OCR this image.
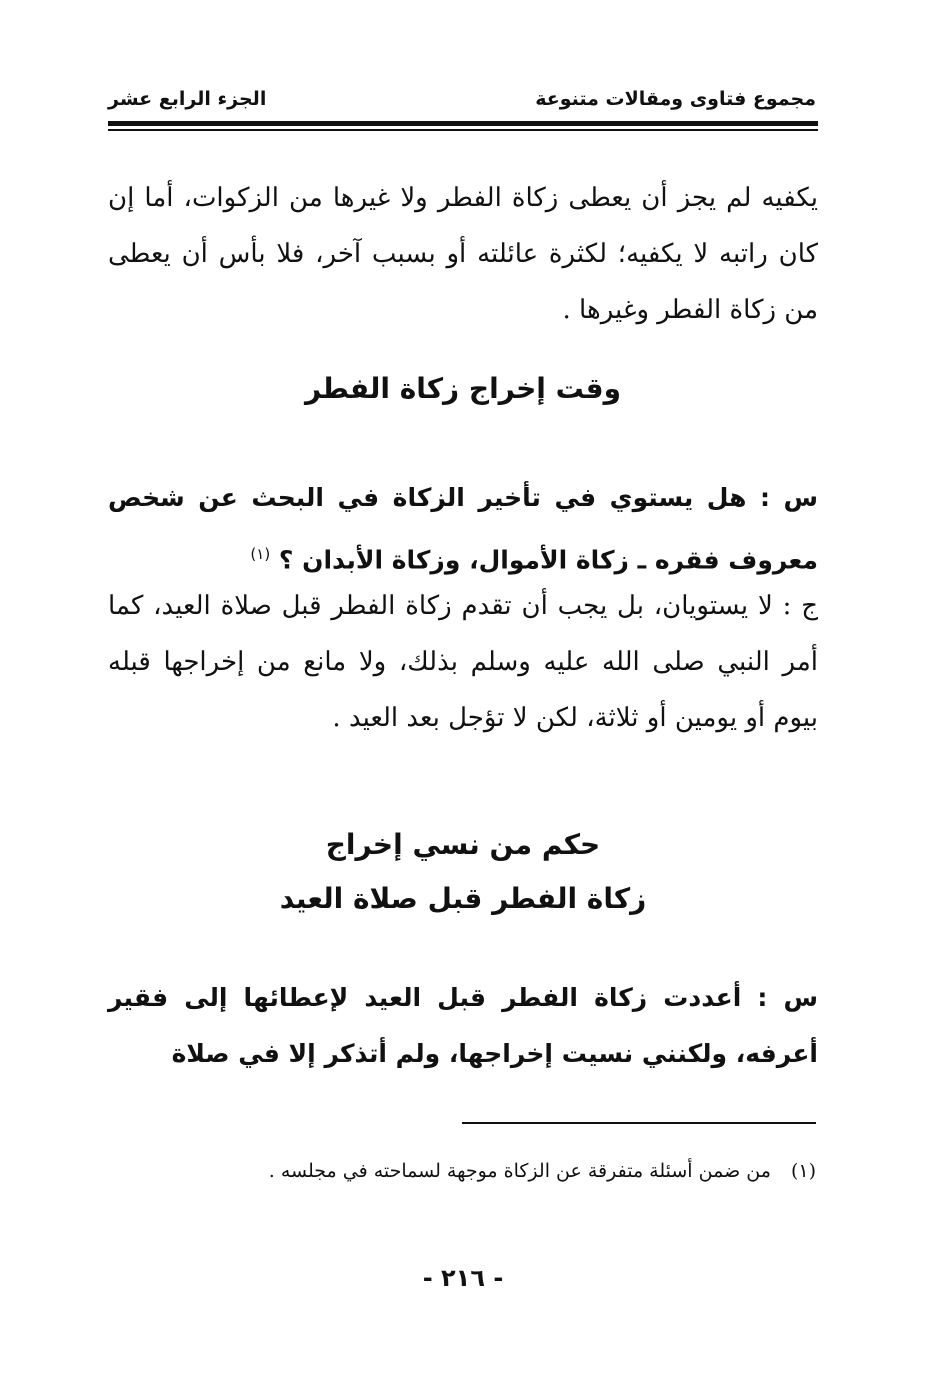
مجموع فتاوى ومقالات متنوعة
الجزء الرابع عشر

يكفيه لم يجز أن يعطى زكاة الفطر ولا غيرها من الزكوات، أما إن كان راتبه لا يكفيه؛ لكثرة عائلته أو بسبب آخر، فلا بأس أن يعطى من زكاة الفطر وغيرها .

وقت إخراج زكاة الفطر

س : هل يستوي في تأخير الزكاة في البحث عن شخص معروف فقره ـ زكاة الأموال، وزكاة الأبدان ؟ $^{(١)}$

ج : لا يستويان، بل يجب أن تقدم زكاة الفطر قبل صلاة العيد، كما أمر النبي صلى الله عليه وسلم بذلك، ولا مانع من إخراجها قبله بيوم أو يومين أو ثلاثة، لكن لا تؤجل بعد العيد .

حكم من نسي إخراج
زكاة الفطر قبل صلاة العيد

س : أعددت زكاة الفطر قبل العيد لإعطائها إلى فقير أعرفه، ولكنني نسيت إخراجها، ولم أتذكر إلا في صلاة

(١) من ضمن أسئلة متفرقة عن الزكاة موجهة لسماحته في مجلسه .

- ٢١٦ -
